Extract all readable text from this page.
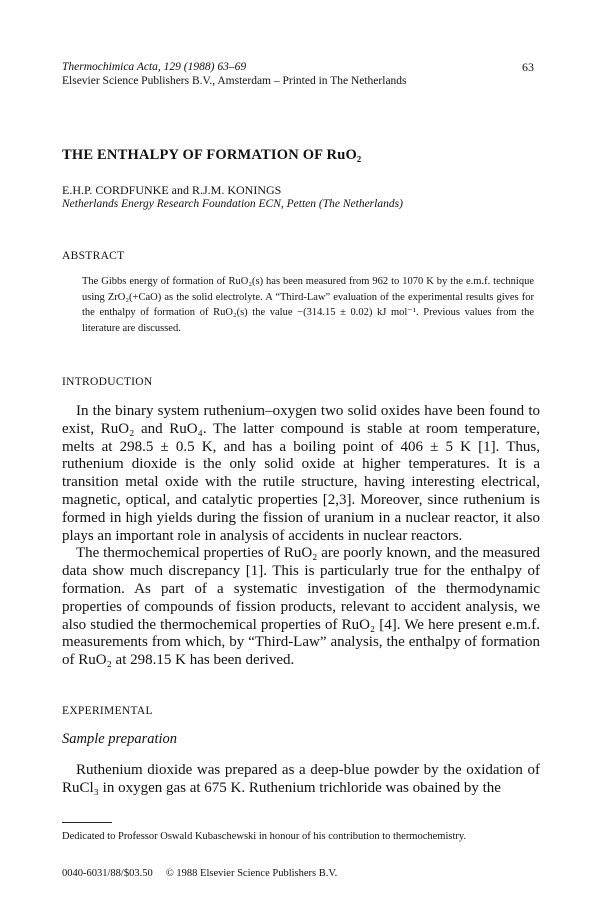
Thermochimica Acta, 129 (1988) 63–69
Elsevier Science Publishers B.V., Amsterdam – Printed in The Netherlands
63
THE ENTHALPY OF FORMATION OF RuO₂
E.H.P. CORDFUNKE and R.J.M. KONINGS
Netherlands Energy Research Foundation ECN, Petten (The Netherlands)
ABSTRACT

The Gibbs energy of formation of RuO₂(s) has been measured from 962 to 1070 K by the e.m.f. technique using ZrO₂(+CaO) as the solid electrolyte. A “Third-Law” evaluation of the experimental results gives for the enthalpy of formation of RuO₂(s) the value −(314.15 ± 0.02) kJ mol⁻¹. Previous values from the literature are discussed.

INTRODUCTION

In the binary system ruthenium–oxygen two solid oxides have been found to exist, RuO₂ and RuO₄. The latter compound is stable at room temperature, melts at 298.5 ± 0.5 K, and has a boiling point of 406 ± 5 K [1]. Thus, ruthenium dioxide is the only solid oxide at higher temperatures. It is a transition metal oxide with the rutile structure, having interesting electrical, magnetic, optical, and catalytic properties [2,3]. Moreover, since ruthenium is formed in high yields during the fission of uranium in a nuclear reactor, it also plays an important role in analysis of accidents in nuclear reactors.

The thermochemical properties of RuO₂ are poorly known, and the measured data show much discrepancy [1]. This is particularly true for the enthalpy of formation. As part of a systematic investigation of the thermodynamic properties of compounds of fission products, relevant to accident analysis, we also studied the thermochemical properties of RuO₂ [4]. We here present e.m.f. measurements from which, by “Third-Law” analysis, the enthalpy of formation of RuO₂ at 298.15 K has been derived.

EXPERIMENTAL
Sample preparation

Ruthenium dioxide was prepared as a deep-blue powder by the oxidation of RuCl₃ in oxygen gas at 675 K. Ruthenium trichloride was obained by the

Dedicated to Professor Oswald Kubaschewski in honour of his contribution to thermochemistry.
0040-6031/88/$03.50     © 1988 Elsevier Science Publishers B.V.
